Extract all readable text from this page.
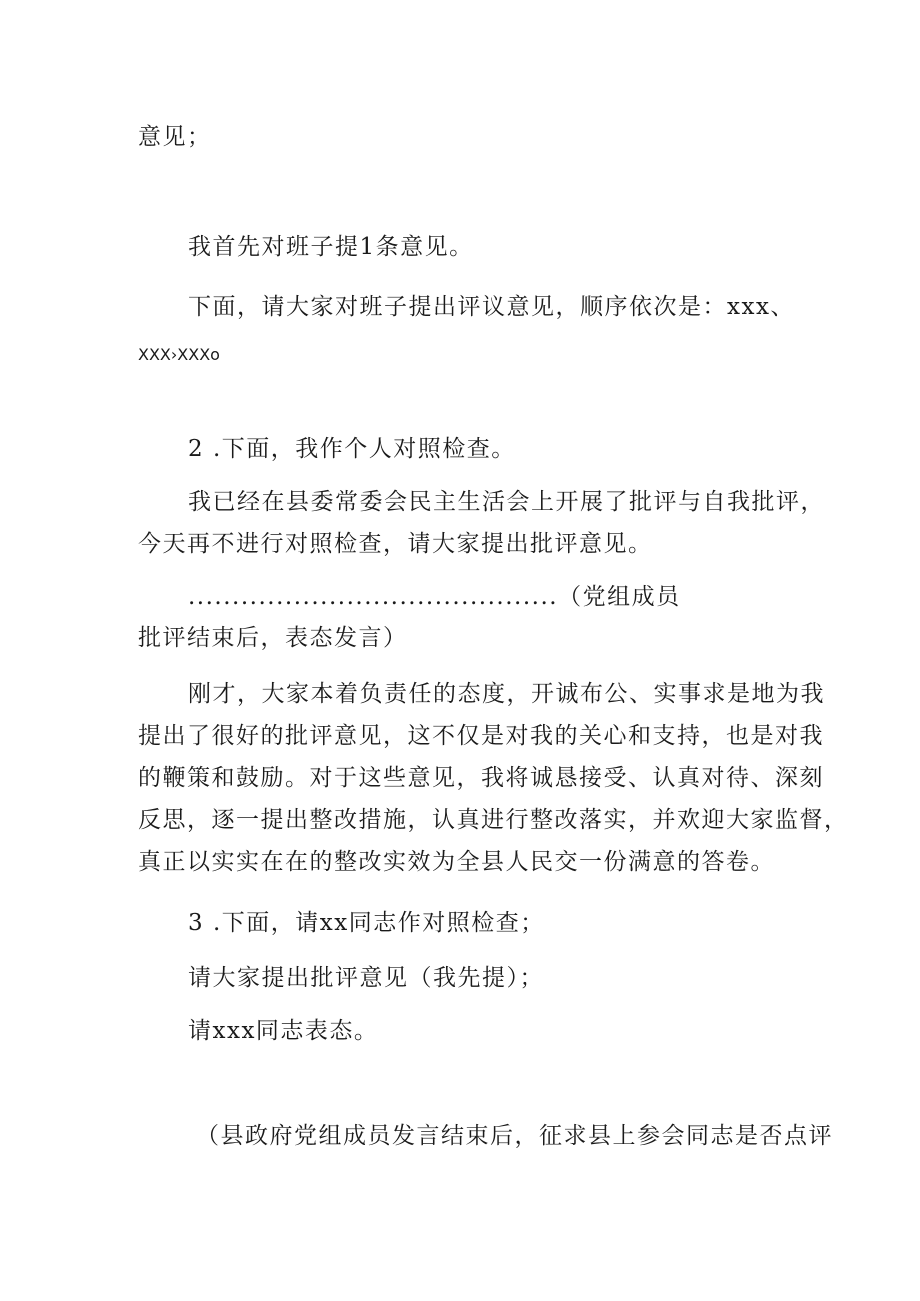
意见；
我首先对班子提1条意见。
下面，请大家对班子提出评议意见，顺序依次是：xxx、
XXX›XXXo
2 .下面，我作个人对照检查。
我已经在县委常委会民主生活会上开展了批评与自我批评，
今天再不进行对照检查，请大家提出批评意见。
..........................................（党组成员
批评结束后，表态发言）
刚才，大家本着负责任的态度，开诚布公、实事求是地为我
提出了很好的批评意见，这不仅是对我的关心和支持，也是对我
的鞭策和鼓励。对于这些意见，我将诚恳接受、认真对待、深刻
反思，逐一提出整改措施，认真进行整改落实，并欢迎大家监督，
真正以实实在在的整改实效为全县人民交一份满意的答卷。
3 .下面，请xx同志作对照检查；
请大家提出批评意见（我先提）；
请xxx同志表态。
（县政府党组成员发言结束后，征求县上参会同志是否点评
